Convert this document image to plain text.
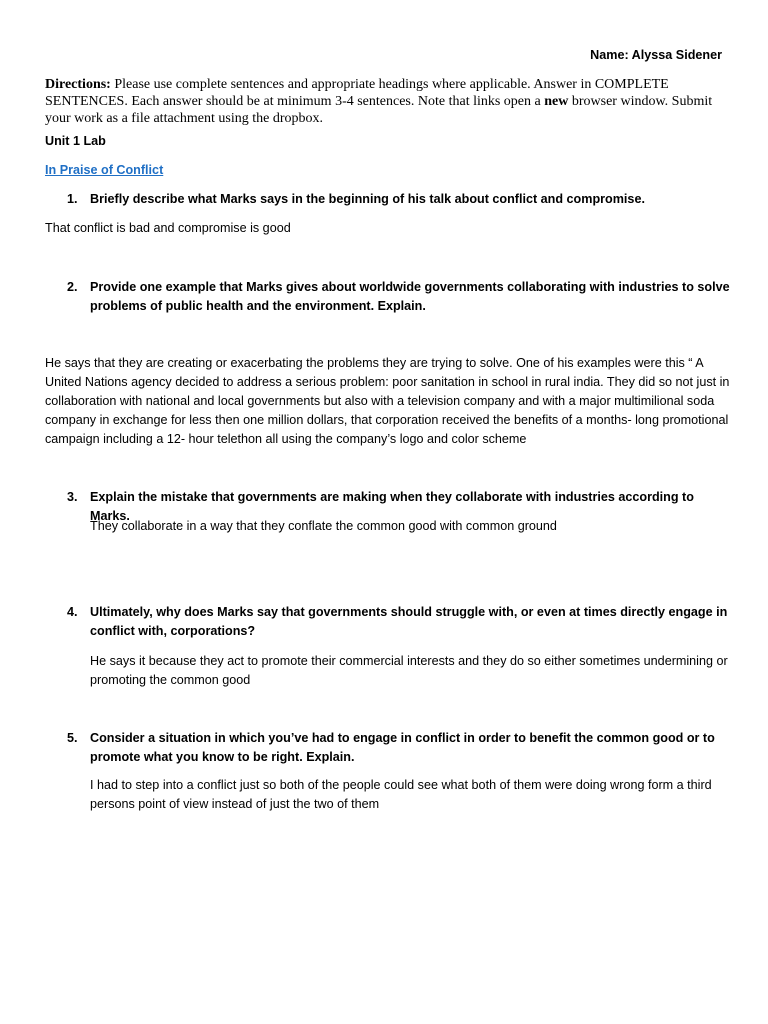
Name: Alyssa Sidener
Directions: Please use complete sentences and appropriate headings where applicable. Answer in COMPLETE SENTENCES. Each answer should be at minimum 3-4 sentences. Note that links open a new browser window. Submit your work as a file attachment using the dropbox.
Unit 1 Lab
In Praise of Conflict
1. Briefly describe what Marks says in the beginning of his talk about conflict and compromise.
That conflict is bad and compromise is good
2. Provide one example that Marks gives about worldwide governments collaborating with industries to solve problems of public health and the environment. Explain.
He says that they are creating or exacerbating the problems they are trying to solve. One of his examples were this “ A United Nations agency decided to address a serious problem: poor sanitation in school in rural india. They did so not just in collaboration with national and local governments but also with a television company and with a major multimilional soda company in exchange for less then one million dollars, that corporation received the benefits of a months- long promotional campaign including a 12- hour telethon all using the company’s logo and color scheme
3. Explain the mistake that governments are making when they collaborate with industries according to Marks.
They collaborate in a way that they conflate the common good with common ground
4. Ultimately, why does Marks say that governments should struggle with, or even at times directly engage in conflict with, corporations?
He says it because they act to promote their commercial interests and they do so either sometimes undermining or promoting the common good
5. Consider a situation in which you’ve had to engage in conflict in order to benefit the common good or to promote what you know to be right. Explain.
I had to step into a conflict just so both of the people could see what both of them were doing wrong form a third persons point of view instead of just the two of them
